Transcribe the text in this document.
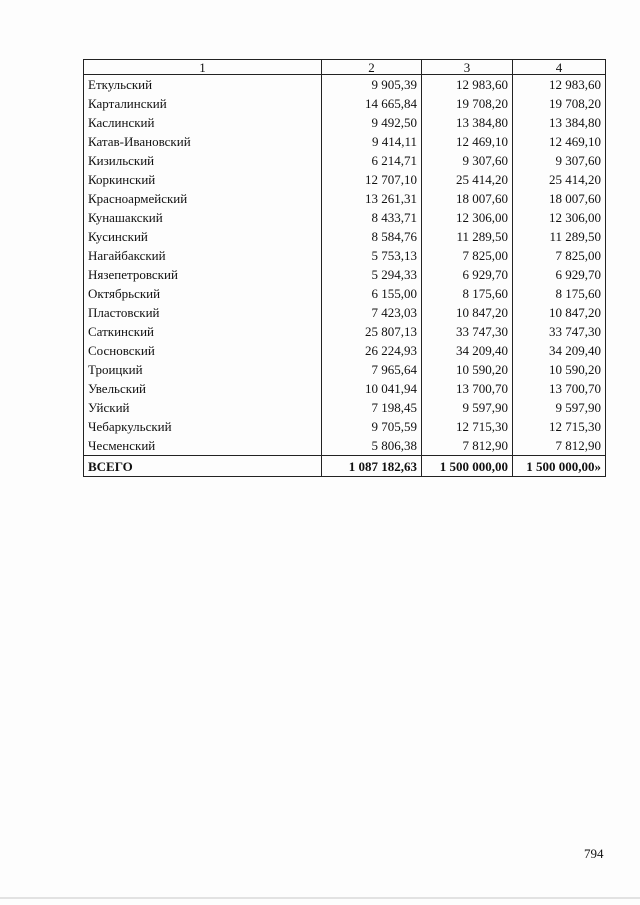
1	2	3	4
Еткульский	9 905,39	12 983,60	12 983,60
Карталинский	14 665,84	19 708,20	19 708,20
Каслинский	9 492,50	13 384,80	13 384,80
Катав-Ивановский	9 414,11	12 469,10	12 469,10
Кизильский	6 214,71	9 307,60	9 307,60
Коркинский	12 707,10	25 414,20	25 414,20
Красноармейский	13 261,31	18 007,60	18 007,60
Кунашакский	8 433,71	12 306,00	12 306,00
Кусинский	8 584,76	11 289,50	11 289,50
Нагайбакский	5 753,13	7 825,00	7 825,00
Нязепетровский	5 294,33	6 929,70	6 929,70
Октябрьский	6 155,00	8 175,60	8 175,60
Пластовский	7 423,03	10 847,20	10 847,20
Саткинский	25 807,13	33 747,30	33 747,30
Сосновский	26 224,93	34 209,40	34 209,40
Троицкий	7 965,64	10 590,20	10 590,20
Увельский	10 041,94	13 700,70	13 700,70
Уйский	7 198,45	9 597,90	9 597,90
Чебаркульский	9 705,59	12 715,30	12 715,30
Чесменский	5 806,38	7 812,90	7 812,90
ВСЕГО	1 087 182,63	1 500 000,00	1 500 000,00»
794
